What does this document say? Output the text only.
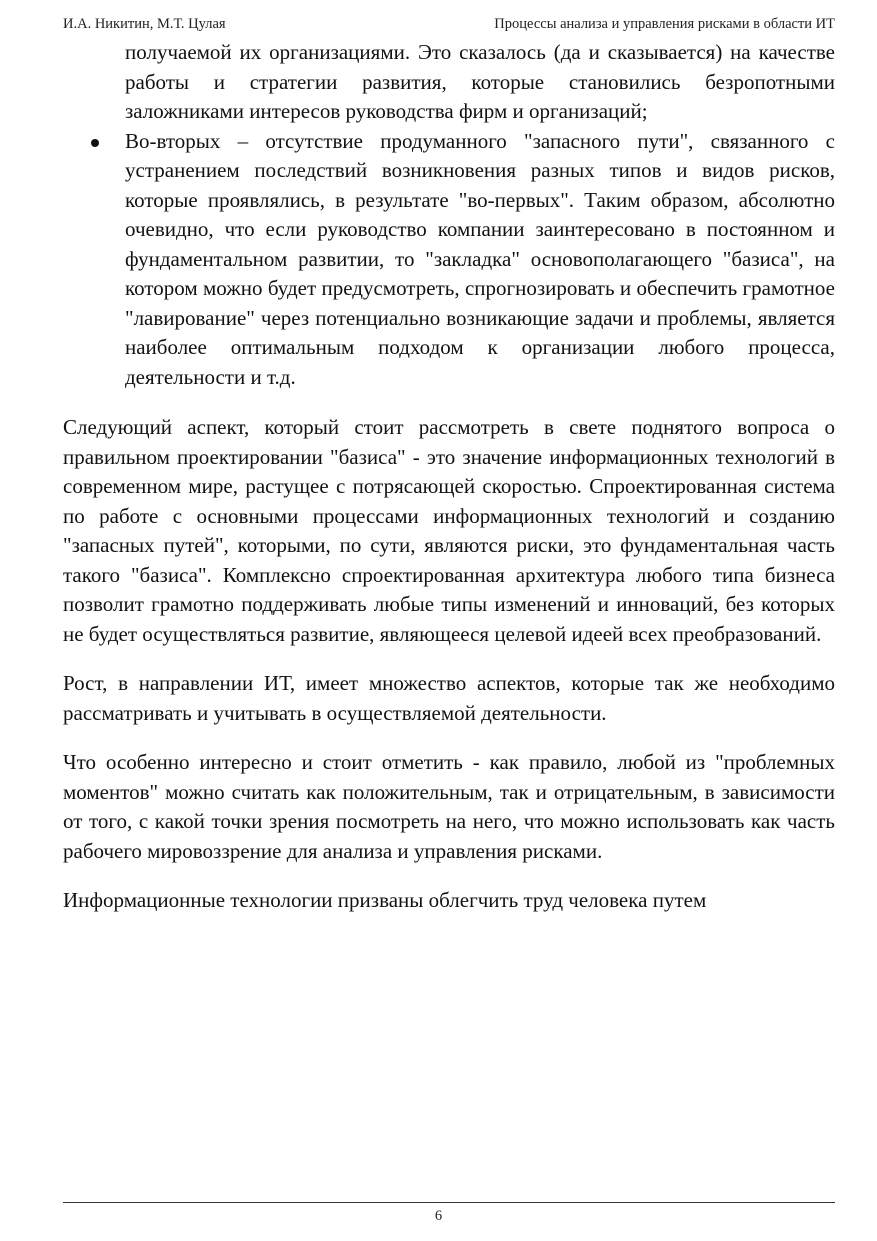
И.А. Никитин, М.Т. Цулая	Процессы анализа и управления рисками в области ИТ
получаемой их организациями. Это сказалось (да и сказывается) на качестве работы и стратегии развития, которые становились безропотными заложниками интересов руководства фирм и организаций;
Во-вторых – отсутствие продуманного "запасного пути", связанного с устранением последствий возникновения разных типов и видов рисков, которые проявлялись, в результате "во-первых". Таким образом, абсолютно очевидно, что если руководство компании заинтересовано в постоянном и фундаментальном развитии, то "закладка" основополагающего "базиса", на котором можно будет предусмотреть, спрогнозировать и обеспечить грамотное "лавирование" через потенциально возникающие задачи и проблемы, является наиболее оптимальным подходом к организации любого процесса, деятельности и т.д.

Следующий аспект, который стоит рассмотреть в свете поднятого вопроса о правильном проектировании "базиса" - это значение информационных технологий в современном мире, растущее с потрясающей скоростью. Спроектированная система по работе с основными процессами информационных технологий и созданию "запасных путей", которыми, по сути, являются риски, это фундаментальная часть такого "базиса". Комплексно спроектированная архитектура любого типа бизнеса позволит грамотно поддерживать любые типы изменений и инноваций, без которых не будет осуществляться развитие, являющееся целевой идеей всех преобразований.

Рост, в направлении ИТ, имеет множество аспектов, которые так же необходимо рассматривать и учитывать в осуществляемой деятельности.

Что особенно интересно и стоит отметить - как правило, любой из "проблемных моментов" можно считать как положительным, так и отрицательным, в зависимости от того, с какой точки зрения посмотреть на него, что можно использовать как часть рабочего мировоззрение для анализа и управления рисками.

Информационные технологии призваны облегчить труд человека путем

6
